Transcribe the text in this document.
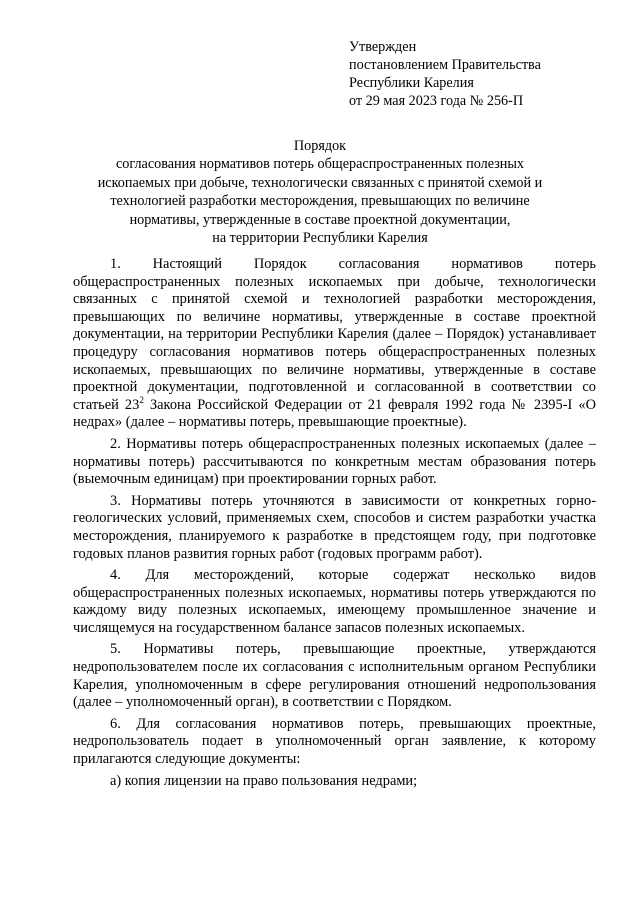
Утвержден
постановлением Правительства
Республики Карелия
от 29 мая 2023 года № 256-П
Порядок
согласования нормативов потерь общераспространенных полезных
ископаемых при добыче, технологически связанных с принятой схемой и
технологией разработки месторождения, превышающих по величине
нормативы, утвержденные в составе проектной документации,
на территории Республики Карелия

1. Настоящий Порядок согласования нормативов потерь общераспространенных полезных ископаемых при добыче, технологически связанных с принятой схемой и технологией разработки месторождения, превышающих по величине нормативы, утвержденные в составе проектной документации, на территории Республики Карелия (далее – Порядок) устанавливает процедуру согласования нормативов потерь общераспространенных полезных ископаемых, превышающих по величине нормативы, утвержденные в составе проектной документации, подготовленной и согласованной в соответствии со статьей $23^2$ Закона Российской Федерации от 21 февраля 1992 года № 2395-I «О недрах» (далее – нормативы потерь, превышающие проектные).

2. Нормативы потерь общераспространенных полезных ископаемых (далее – нормативы потерь) рассчитываются по конкретным местам образования потерь (выемочным единицам) при проектировании горных работ.

3. Нормативы потерь уточняются в зависимости от конкретных горно-геологических условий, применяемых схем, способов и систем разработки участка месторождения, планируемого к разработке в предстоящем году, при подготовке годовых планов развития горных работ (годовых программ работ).

4. Для месторождений, которые содержат несколько видов общераспространенных полезных ископаемых, нормативы потерь утверждаются по каждому виду полезных ископаемых, имеющему промышленное значение и числящемуся на государственном балансе запасов полезных ископаемых.

5. Нормативы потерь, превышающие проектные, утверждаются недропользователем после их согласования с исполнительным органом Республики Карелия, уполномоченным в сфере регулирования отношений недропользования (далее – уполномоченный орган), в соответствии с Порядком.

6. Для согласования нормативов потерь, превышающих проектные, недропользователь подает в уполномоченный орган заявление, к которому прилагаются следующие документы:

а) копия лицензии на право пользования недрами;
